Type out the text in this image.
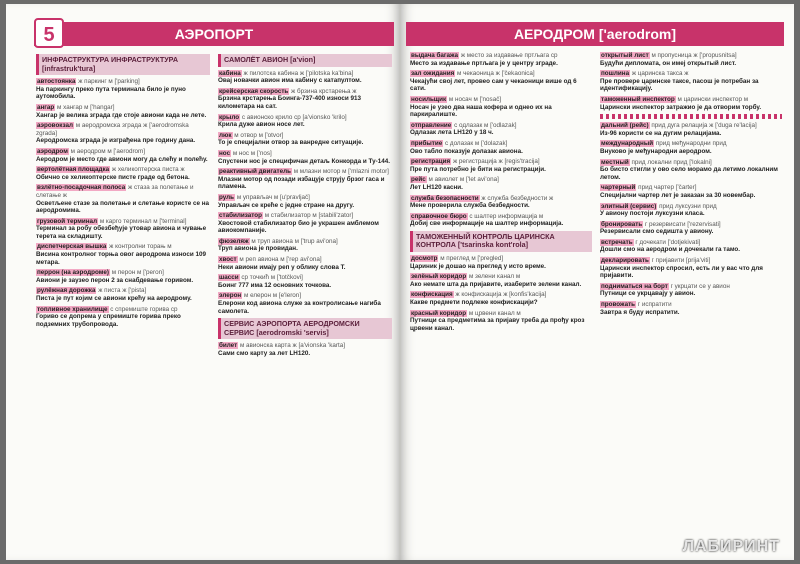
АЭРОПОРТ
5
ИНФРАСТРУКТУРА ИНФРАСТРУКТУРА [infrastruk'tura]
автостоянка ж паркинг м ['parking]
На паркингу преко пута терминала било је пуно аутомобила.
ангар м хангар м ['hangar]
Хангар је велика зграда где стоје авиони када не лете.
аэровокзал м аеродромска зграда ж ['aerodromska zgrada]
Аеродромска зграда је изграђена пре годину дана.
аэродром м аеродром м ['aerodrom]
Аеродром је место где авиони могу да слећу и полећу.
вертолётная площадка ж хеликоптерска писта ж
Обично се хеликоптерске писте граде од бетона.
взлётно-посадочная полоса ж стаза за полетање и слетање ж
Осветљене стазе за полетање и слетање користе се на аеродромима.
грузовой терминал м карго терминал м ['terminal]
Терминал за робу обезбеђује утовар авиона и чување терета на складишту.
диспетчерская вышка ж контролни торањ м
Висина контролног торња овог аеродрома износи 109 метара.
перрон (на аэродроме) м перон м ['peron]
Авиони је заузео перон 2 за снабдевање горивом.
рулёжная дорожка ж писта ж ['pista]
Писта је пут којим се авиони крећу на аеродрому.
топливное хранилище с спремиште горива ср
Гориво се допрема у спремиште горива преко подземних трубопровода.
САМОЛЁТ АВИОН [a'vion]
кабина ж пилотска кабина ж ['pilotska ka'bina]
Овај новачки авион има кабину с катапултом.
крейсерская скорость ж брзина крстарења ж
Брзина крстарења Боинга-737-400 износи 913 километара на сат.
крыло с авионско крило ср [a'vionsko 'krilo]
Крила дуже авион носе лет.
люк м отвор м ['otvor]
То је специјални отвор за ванредне ситуације.
нос м нос м ['nos]
Спустени нос је специфичан детаљ Конкорда и Ту-144.
реактивный двигатель м млазни мотор м ['mlazni motor]
Млазни мотор од позади избацује струју брзог гаса и пламена.
руль м управљач м [u'pravljač]
Управљач се креће с једне стране на другу.
стабилизатор м стабилизатор м [stabili'zator]
Хвостовой стабилизатор био је украшен амблемом авиокомпаније.
фюзеляж м труп авиона м ['trup avi'ona]
Труп авиона је провидан.
хвост м реп авиона м ['rep avi'ona]
Неки авиони имају реп у облику слова Т.
шасси ср точкић м ['totčkovi]
Боинг 777 има 12 основних точкова.
элерон м елерон м [e'leron]
Елерони код авиона служе за контролисање нагиба самолета.
СЕРВИС АЭРОПОРТА АЕРОДРОМСКИ СЕРВИС [aerodromski 'servis]
билет м авионска карта ж [a'vionska 'karta]
Сами смо карту за лет LH120.
АЕРОДРОМ ['aerodrom]
выдача багажа ж место за издавање пртљага ср
Место за издавање пртљага је у центру зграде.
зал ожидания м чекаоница ж ['čekaonica]
Чекајући свој лет, провео сам у чекаоници више од 6 сати.
носильщик м носач м ['nosač]
Носач је узео два наша кофера и однео их на паркиралиште.
отправление с одлазак м ['odlazak]
Одлазак лета LH120 у 18 ч.
прибытие с долазак м ['dolazak]
Ово табло показује долазак авиона.
регистрация ж регистрација ж [regis'tracija]
Пре пута потребно је бити на регистрацији.
рейс м авиолет м ['let avi'ona]
Лет LH120 касни.
служба безопасности ж служба безбедности ж
Мене проверила служба безбедности.
справочное бюро с шалтер информација м
Добиј све информације на шалтер информација.
ТАМОЖЕННЫЙ КОНТРОЛЬ ЦАРИНСКА КОНТРОЛА ['tsarinska kont'rola]
досмотр м преглед м ['pregled]
Цариник је дошао на преглед у исто време.
зелёный коридор м зелени канал м
Ако немате шта да пријавите, изаберите зелени канал.
конфискация ж конфискација ж [konfis'kacija]
Какве предмети подлеже конфискацији?
красный коридор м црвени канал м
Путници са предметима за пријаву треба да прођу кроз црвени канал.
открытый лист м пропусница ж ['propusnitsa]
Будући дипломата, он имеј открытый лист.
пошлина ж царинска такса ж
Пре проверe царинске таксе, пасош је потребан за идентификацију.
таможенный инспектор м царински инспектор м
Царински инспектор затражио је да отворим торбу.
дальний (рейс) прид дуга релација ж ['duga re'lacija]
Из-96 користи се на дугим релацијама.
международный прид међународни прид
Внуково је међународни аеродром.
местный прид локални прид ['lokalni]
Бо бисто стигли у ово село морамо да летимо локалним летом.
чартерный прид чартер ['čarter]
Специјални чартер лет је заказан за 30 новембар.
элитный (сервис) прид луксузни прид
У авиону постоји луксузни класа.
бронировать г резервисати ['rezervisati]
Резервисали смо седишта у авиону.
встречать г дочекати ['dotjekivati]
Дошли смо на аеродром и дочекали га тамо.
декларировать г пријавити [prija'viti]
Царински инспектор спросил, есть ли у вас что для пријавити.
подниматься на борт г укрцати се у авион
Путници се укрцавају у авион.
провожать г испратити
Завтра я буду испратити.
ЛАБИРИНТ
